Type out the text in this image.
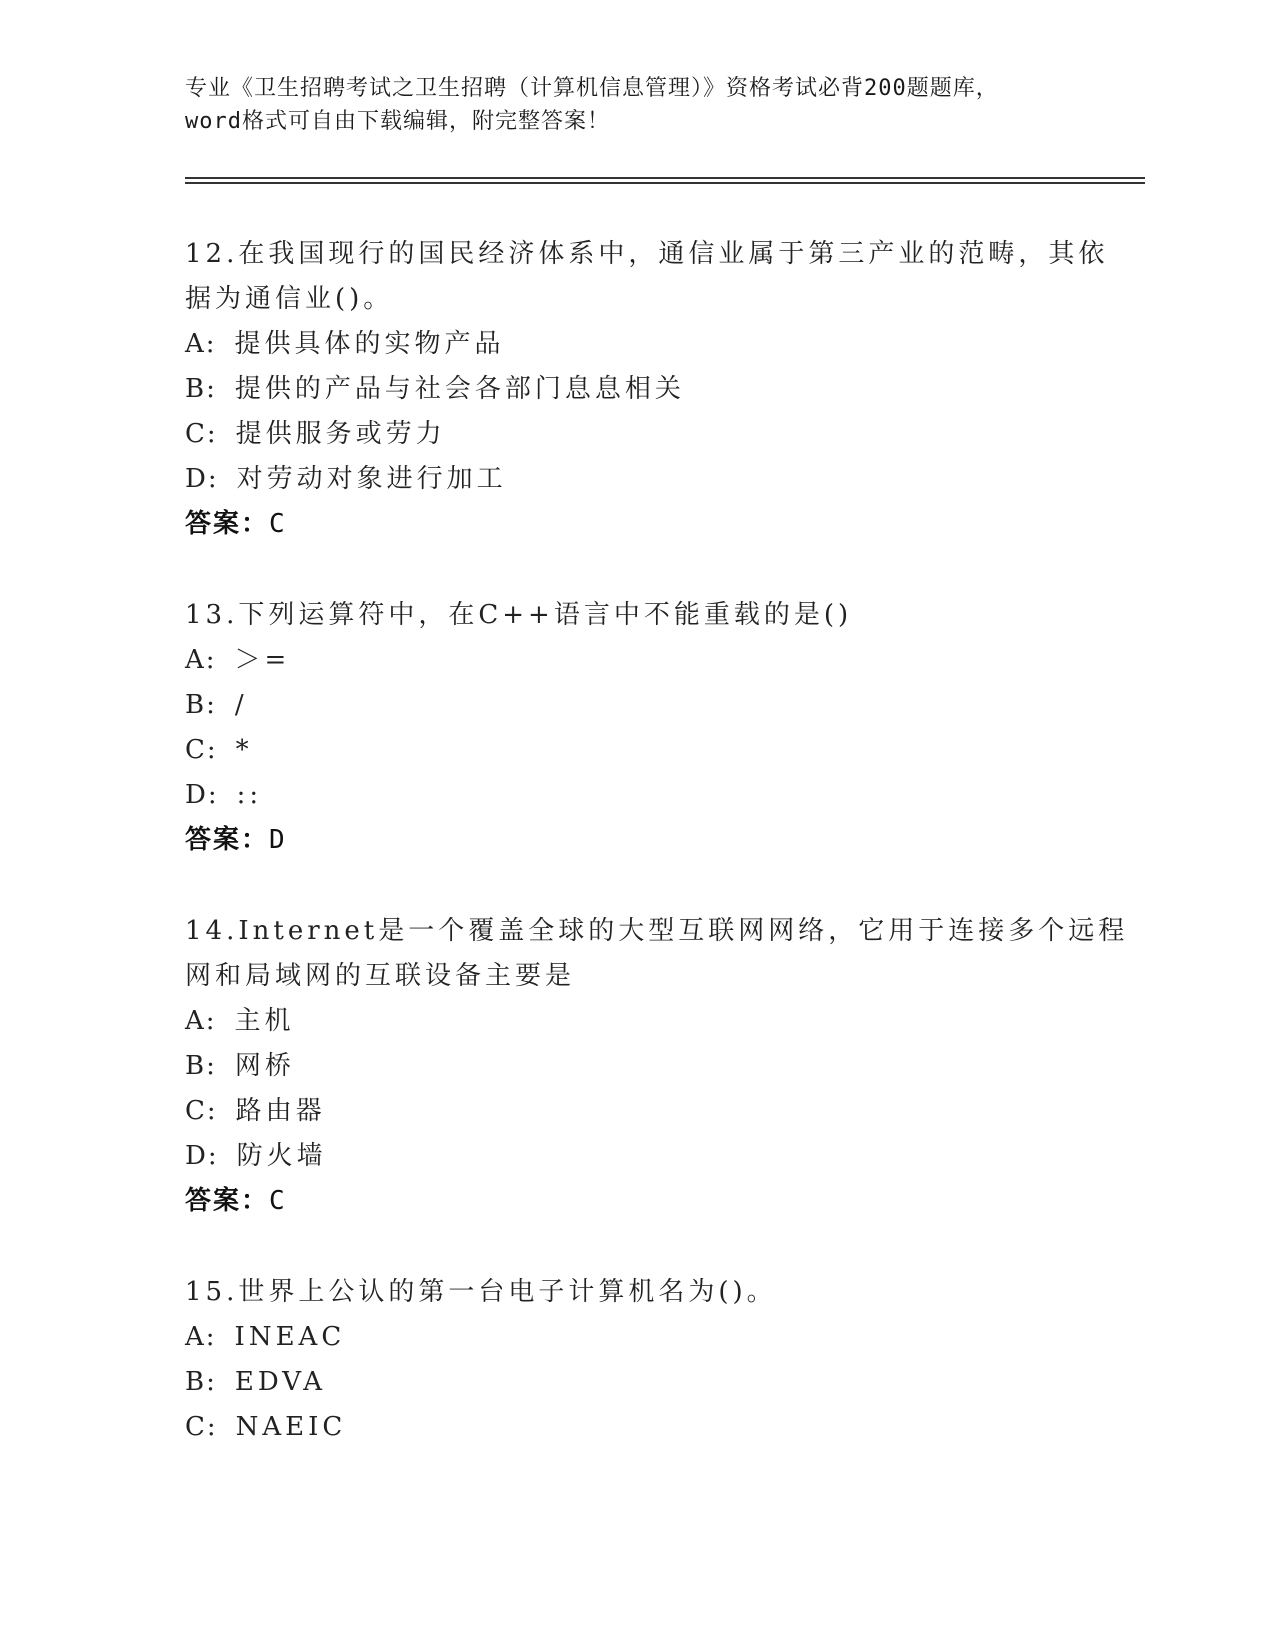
专业《卫生招聘考试之卫生招聘（计算机信息管理）》资格考试必背200题题库，
word格式可自由下载编辑，附完整答案！
12.在我国现行的国民经济体系中，通信业属于第三产业的范畴，其依
据为通信业()。
A: 提供具体的实物产品
B: 提供的产品与社会各部门息息相关
C: 提供服务或劳力
D: 对劳动对象进行加工
答案：C
13.下列运算符中，在C++语言中不能重载的是()
A: ＞=
B: /
C: *
D: ::
答案：D
14.Internet是一个覆盖全球的大型互联网网络，它用于连接多个远程
网和局域网的互联设备主要是
A: 主机
B: 网桥
C: 路由器
D: 防火墙
答案：C
15.世界上公认的第一台电子计算机名为()。
A: INEAC
B: EDVA
C: NAEIC
